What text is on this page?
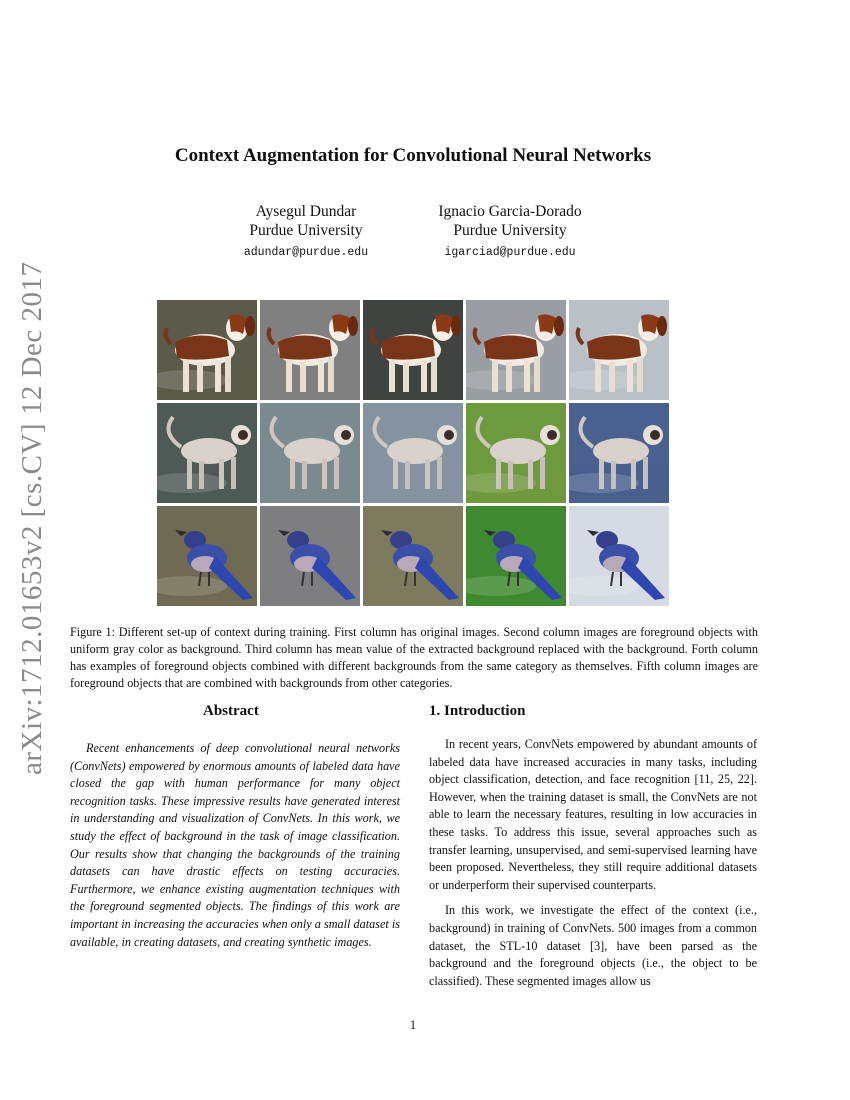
arXiv:1712.01653v2 [cs.CV] 12 Dec 2017
Context Augmentation for Convolutional Neural Networks
Aysegul Dundar
Purdue University
adundar@purdue.edu
Ignacio Garcia-Dorado
Purdue University
igarciad@purdue.edu
Figure 1: Different set-up of context during training. First column has original images. Second column images are foreground objects with uniform gray color as background. Third column has mean value of the extracted background replaced with the background. Forth column has examples of foreground objects combined with different backgrounds from the same category as themselves. Fifth column images are foreground objects that are combined with backgrounds from other categories.
Abstract
Recent enhancements of deep convolutional neural networks (ConvNets) empowered by enormous amounts of labeled data have closed the gap with human performance for many object recognition tasks. These impressive results have generated interest in understanding and visualization of ConvNets. In this work, we study the effect of background in the task of image classification. Our results show that changing the backgrounds of the training datasets can have drastic effects on testing accuracies. Furthermore, we enhance existing augmentation techniques with the foreground segmented objects. The findings of this work are important in increasing the accuracies when only a small dataset is available, in creating datasets, and creating synthetic images.
1. Introduction

In recent years, ConvNets empowered by abundant amounts of labeled data have increased accuracies in many tasks, including object classification, detection, and face recognition [11, 25, 22]. However, when the training dataset is small, the ConvNets are not able to learn the necessary features, resulting in low accuracies in these tasks. To address this issue, several approaches such as transfer learning, unsupervised, and semi-supervised learning have been proposed. Nevertheless, they still require additional datasets or underperform their supervised counterparts.

In this work, we investigate the effect of the context (i.e., background) in training of ConvNets. 500 images from a common dataset, the STL-10 dataset [3], have been parsed as the background and the foreground objects (i.e., the object to be classified). These segmented images allow us

1
